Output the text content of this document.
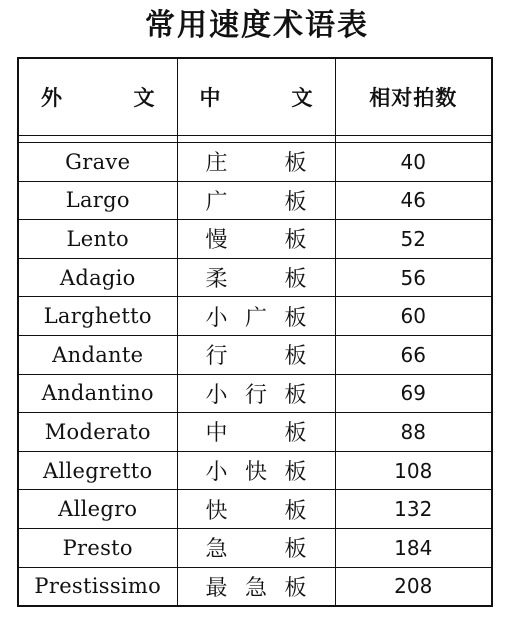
常用速度术语表
外　文	中　文	相对拍数

Grave	庄 板	40
Largo	广 板	46
Lento	慢 板	52
Adagio	柔 板	56
Larghetto	小 广 板	60
Andante	行 板	66
Andantino	小 行 板	69
Moderato	中 板	88
Allegretto	小 快 板	108
Allegro	快 板	132
Presto	急 板	184
Prestissimo	最 急 板	208
